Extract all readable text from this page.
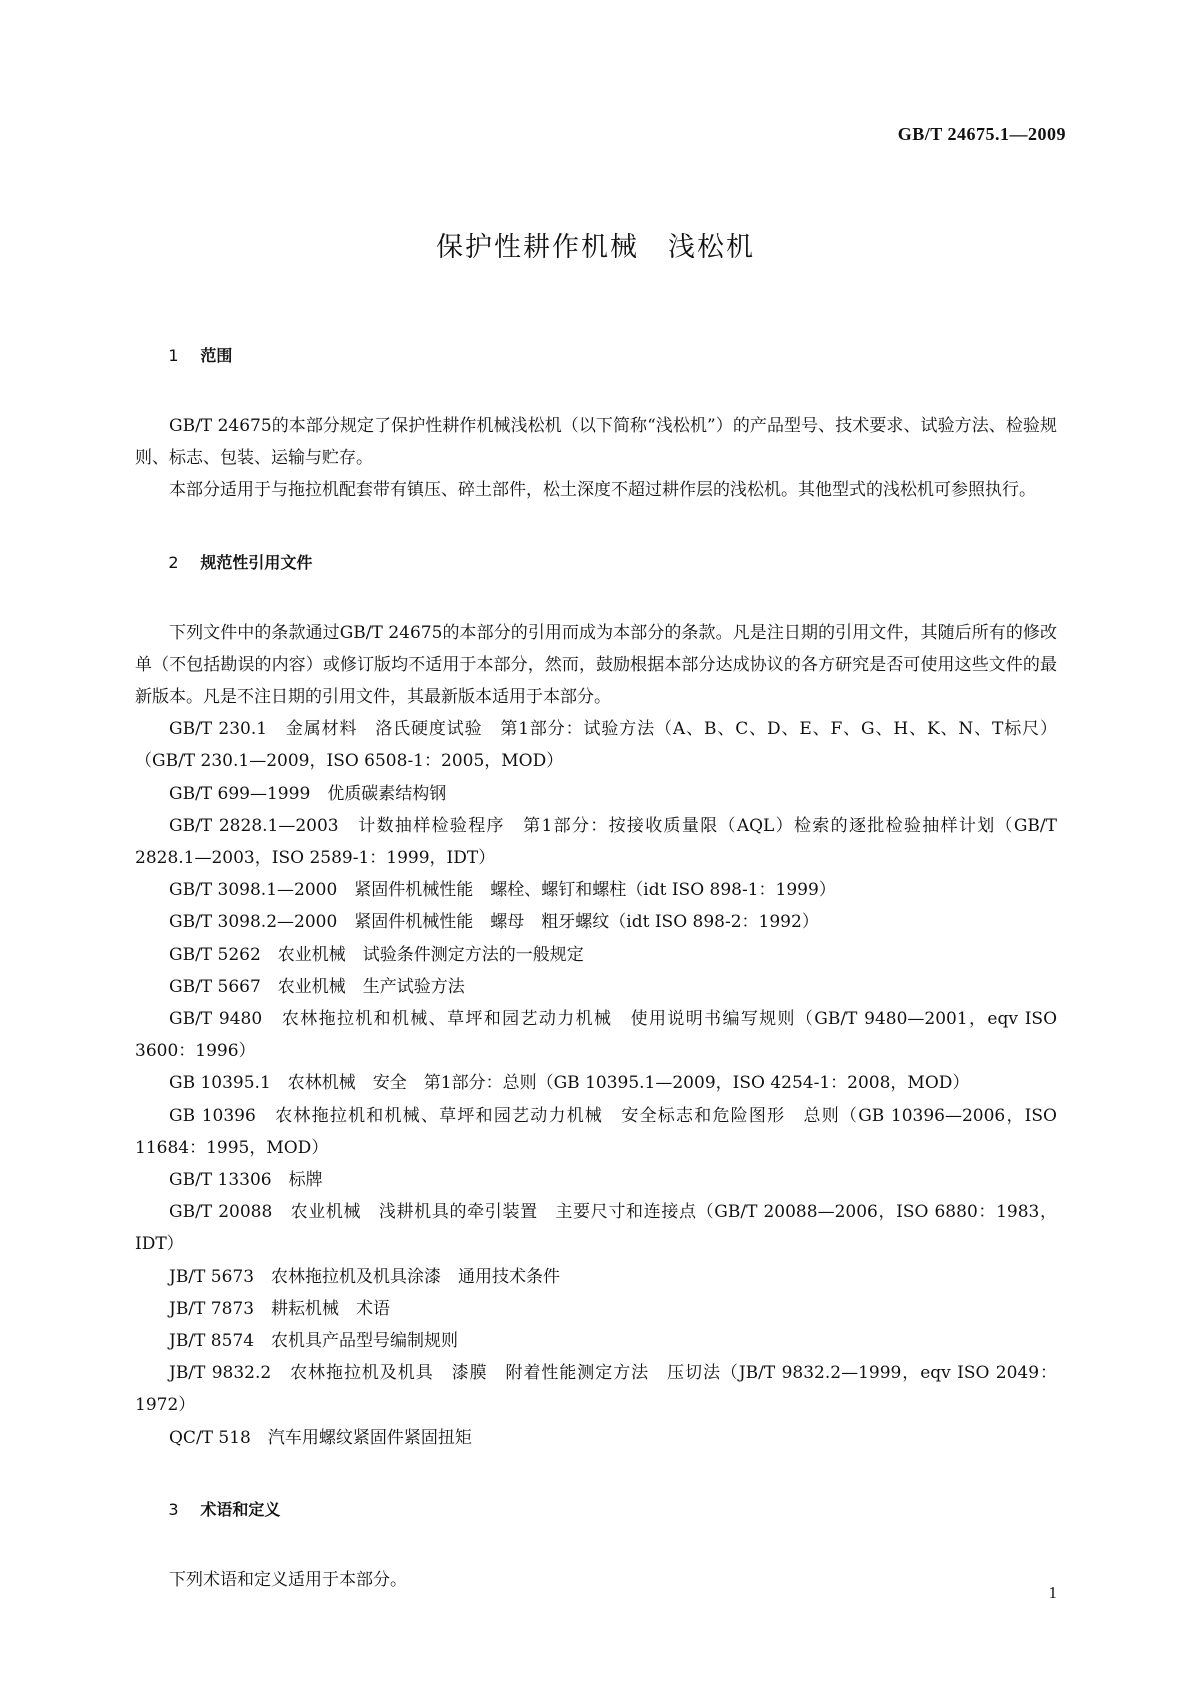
GB/T 24675.1—2009
保护性耕作机械　浅松机

1 范围

GB/T 24675的本部分规定了保护性耕作机械浅松机（以下简称“浅松机”）的产品型号、技术要求、试验方法、检验规则、标志、包装、运输与贮存。

本部分适用于与拖拉机配套带有镇压、碎土部件，松土深度不超过耕作层的浅松机。其他型式的浅松机可参照执行。

2 规范性引用文件

下列文件中的条款通过GB/T 24675的本部分的引用而成为本部分的条款。凡是注日期的引用文件，其随后所有的修改单（不包括勘误的内容）或修订版均不适用于本部分，然而，鼓励根据本部分达成协议的各方研究是否可使用这些文件的最新版本。凡是不注日期的引用文件，其最新版本适用于本部分。

GB/T 230.1　金属材料　洛氏硬度试验　第1部分：试验方法（A、B、C、D、E、F、G、H、K、N、T标尺）（GB/T 230.1—2009，ISO 6508-1：2005，MOD）
GB/T 699—1999　优质碳素结构钢
GB/T 2828.1—2003　计数抽样检验程序　第1部分：按接收质量限（AQL）检索的逐批检验抽样计划（GB/T 2828.1—2003，ISO 2589-1：1999，IDT）
GB/T 3098.1—2000　紧固件机械性能　螺栓、螺钉和螺柱（idt ISO 898-1：1999）
GB/T 3098.2—2000　紧固件机械性能　螺母　粗牙螺纹（idt ISO 898-2：1992）
GB/T 5262　农业机械　试验条件测定方法的一般规定
GB/T 5667　农业机械　生产试验方法
GB/T 9480　农林拖拉机和机械、草坪和园艺动力机械　使用说明书编写规则（GB/T 9480—2001，eqv ISO 3600：1996）
GB 10395.1　农林机械　安全　第1部分：总则（GB 10395.1—2009，ISO 4254-1：2008，MOD）
GB 10396　农林拖拉机和机械、草坪和园艺动力机械　安全标志和危险图形　总则（GB 10396—2006，ISO 11684：1995，MOD）
GB/T 13306　标牌
GB/T 20088　农业机械　浅耕机具的牵引装置　主要尺寸和连接点（GB/T 20088—2006，ISO 6880：1983，IDT）
JB/T 5673　农林拖拉机及机具涂漆　通用技术条件
JB/T 7873　耕耘机械　术语
JB/T 8574　农机具产品型号编制规则
JB/T 9832.2　农林拖拉机及机具　漆膜　附着性能测定方法　压切法（JB/T 9832.2—1999，eqv ISO 2049：1972）
QC/T 518　汽车用螺纹紧固件紧固扭矩

3 术语和定义

下列术语和定义适用于本部分。

1
